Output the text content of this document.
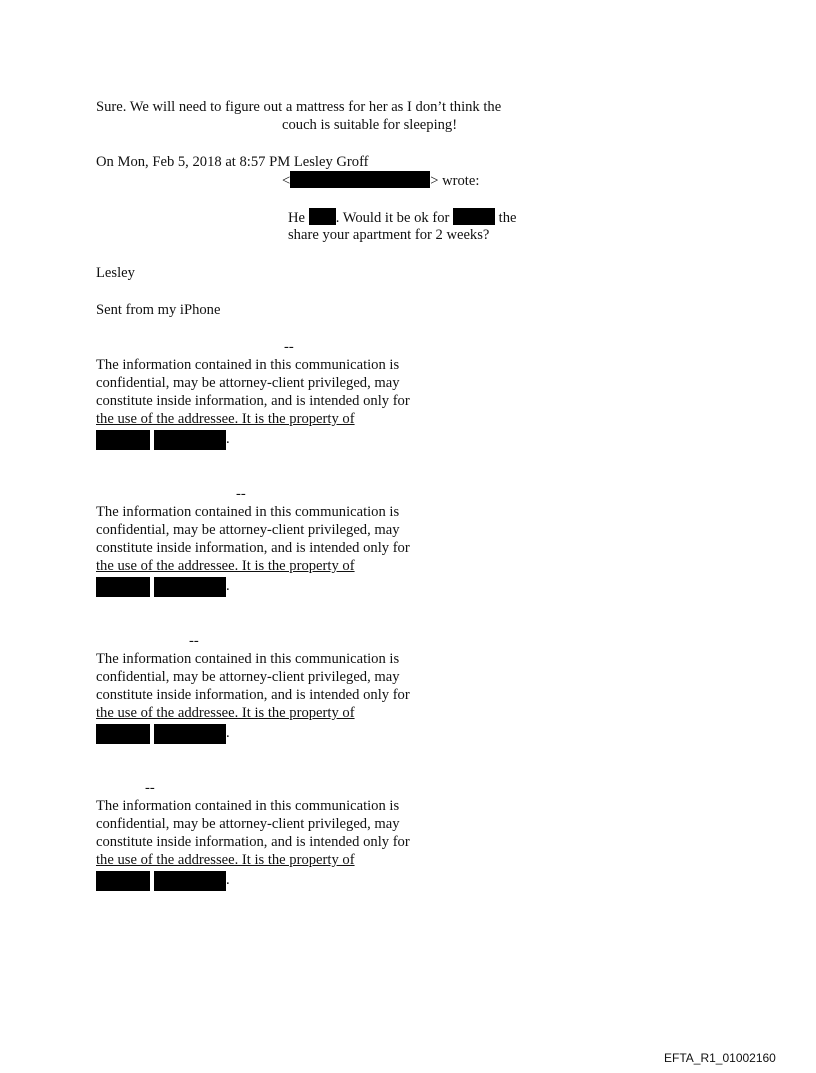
Sure. We will need to figure out a mattress for her as I don’t think the
couch is suitable for sleeping!
On Mon, Feb 5, 2018 at 8:57 PM Lesley Groff
<	> wrote:
He . Would it be ok for	the
share your apartment for 2 weeks?
Lesley
Sent from my iPhone
--
The information contained in this communication is
confidential, may be attorney-client privileged, may
constitute inside information, and is intended only for
the use of the addressee. It is the property of
.
--
The information contained in this communication is
confidential, may be attorney-client privileged, may
constitute inside information, and is intended only for
the use of the addressee. It is the property of
.
--
The information contained in this communication is
confidential, may be attorney-client privileged, may
constitute inside information, and is intended only for
the use of the addressee. It is the property of
.
--
The information contained in this communication is
confidential, may be attorney-client privileged, may
constitute inside information, and is intended only for
the use of the addressee. It is the property of
.
EFTA_R1_01002160
